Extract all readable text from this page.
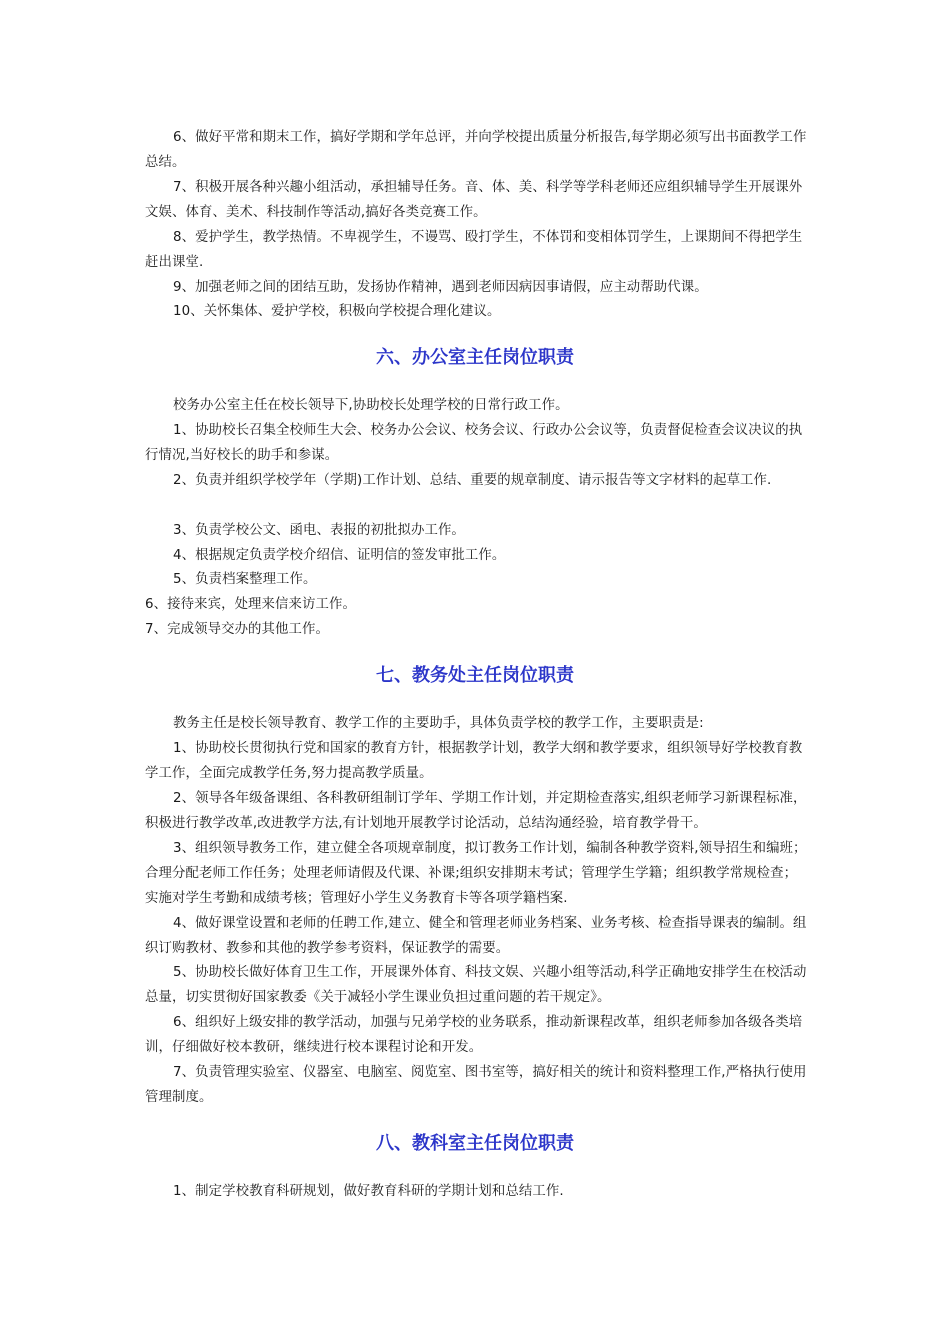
6、做好平常和期末工作，搞好学期和学年总评，并向学校提出质量分析报告,每学期必须写出书面教学工作总结。

7、积极开展各种兴趣小组活动，承担辅导任务。音、体、美、科学等学科老师还应组织辅导学生开展课外文娱、体育、美术、科技制作等活动,搞好各类竞赛工作。

8、爱护学生，教学热情。不卑视学生，不谩骂、殴打学生，不体罚和变相体罚学生，上课期间不得把学生赶出课堂.

9、加强老师之间的团结互助，发扬协作精神，遇到老师因病因事请假，应主动帮助代课。

10、关怀集体、爱护学校，积极向学校提合理化建议。

六、办公室主任岗位职责

校务办公室主任在校长领导下,协助校长处理学校的日常行政工作。

1、协助校长召集全校师生大会、校务办公会议、校务会议、行政办公会议等，负责督促检查会议决议的执行情况,当好校长的助手和参谋。

2、负责并组织学校学年（学期)工作计划、总结、重要的规章制度、请示报告等文字材料的起草工作.

3、负责学校公文、函电、表报的初批拟办工作。

4、根据规定负责学校介绍信、证明信的签发审批工作。

5、负责档案整理工作。

6、接待来宾，处理来信来访工作。

7、完成领导交办的其他工作。

七、教务处主任岗位职责

教务主任是校长领导教育、教学工作的主要助手，具体负责学校的教学工作，主要职责是:

1、协助校长贯彻执行党和国家的教育方针，根据教学计划，教学大纲和教学要求，组织领导好学校教育教学工作，全面完成教学任务,努力提高教学质量。

2、领导各年级备课组、各科教研组制订学年、学期工作计划，并定期检查落实,组织老师学习新课程标准，积极进行教学改革,改进教学方法,有计划地开展教学讨论活动，总结沟通经验，培育教学骨干。

3、组织领导教务工作，建立健全各项规章制度，拟订教务工作计划，编制各种教学资料,领导招生和编班；合理分配老师工作任务；处理老师请假及代课、补课;组织安排期末考试；管理学生学籍；组织教学常规检查；实施对学生考勤和成绩考核；管理好小学生义务教育卡等各项学籍档案.

4、做好课堂设置和老师的任聘工作,建立、健全和管理老师业务档案、业务考核、检查指导课表的编制。组织订购教材、教参和其他的教学参考资料，保证教学的需要。

5、协助校长做好体育卫生工作，开展课外体育、科技文娱、兴趣小组等活动,科学正确地安排学生在校活动总量，切实贯彻好国家教委《关于减轻小学生课业负担过重问题的若干规定》。

6、组织好上级安排的教学活动，加强与兄弟学校的业务联系，推动新课程改革，组织老师参加各级各类培训，仔细做好校本教研，继续进行校本课程讨论和开发。

7、负责管理实验室、仪器室、电脑室、阅览室、图书室等，搞好相关的统计和资料整理工作,严格执行使用管理制度。

八、教科室主任岗位职责

1、制定学校教育科研规划，做好教育科研的学期计划和总结工作.
